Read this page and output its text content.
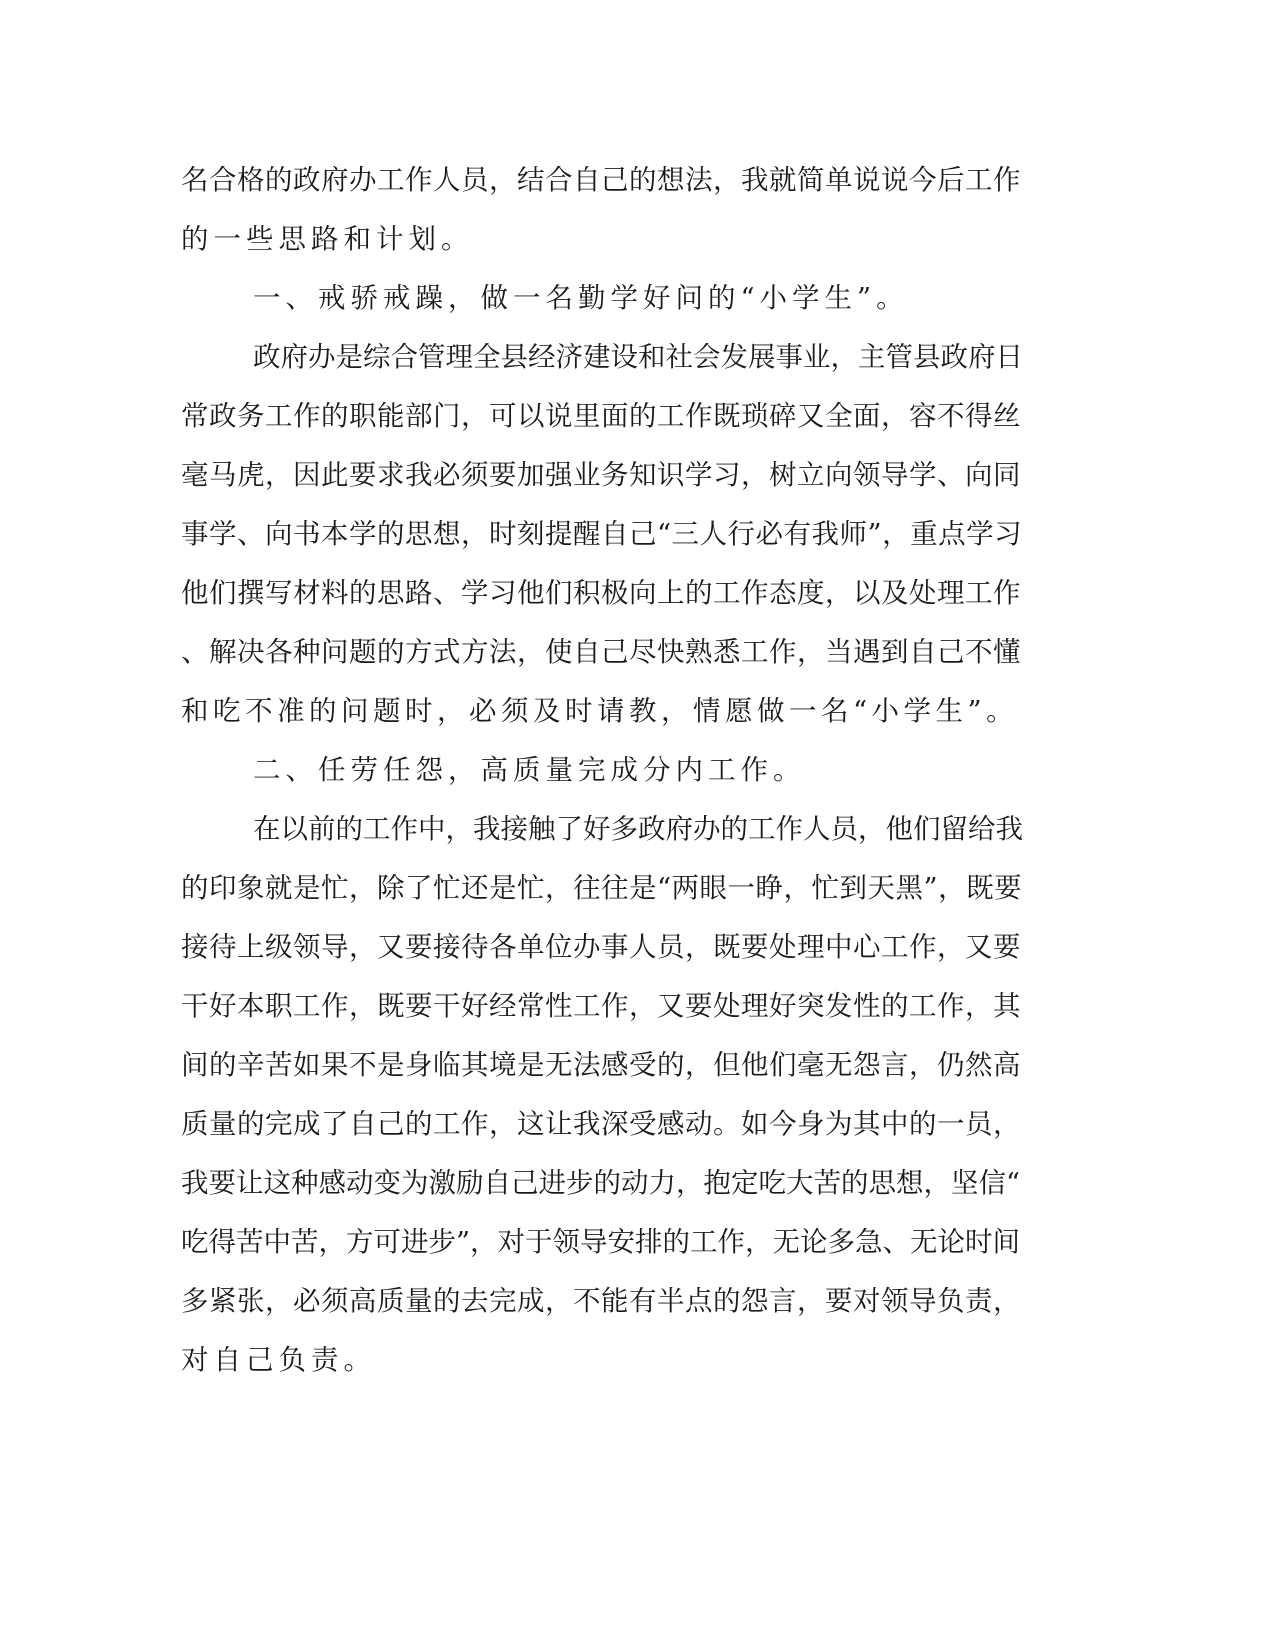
名合格的政府办工作人员，结合自己的想法，我就简单说说今后工作
的一些思路和计划。
一、戒骄戒躁，做一名勤学好问的“小学生”。
政府办是综合管理全县经济建设和社会发展事业，主管县政府日
常政务工作的职能部门，可以说里面的工作既琐碎又全面，容不得丝
毫马虎，因此要求我必须要加强业务知识学习，树立向领导学、向同
事学、向书本学的思想，时刻提醒自己“三人行必有我师”，重点学习
他们撰写材料的思路、学习他们积极向上的工作态度，以及处理工作
、解决各种问题的方式方法，使自己尽快熟悉工作，当遇到自己不懂
和吃不准的问题时，必须及时请教，情愿做一名“小学生”。
二、任劳任怨，高质量完成分内工作。
在以前的工作中，我接触了好多政府办的工作人员，他们留给我
的印象就是忙，除了忙还是忙，往往是“两眼一睁，忙到天黑”，既要
接待上级领导，又要接待各单位办事人员，既要处理中心工作，又要
干好本职工作，既要干好经常性工作，又要处理好突发性的工作，其
间的辛苦如果不是身临其境是无法感受的，但他们毫无怨言，仍然高
质量的完成了自己的工作，这让我深受感动。如今身为其中的一员，
我要让这种感动变为激励自己进步的动力，抱定吃大苦的思想，坚信“
吃得苦中苦，方可进步”，对于领导安排的工作，无论多急、无论时间
多紧张，必须高质量的去完成，不能有半点的怨言，要对领导负责，
对自己负责。
